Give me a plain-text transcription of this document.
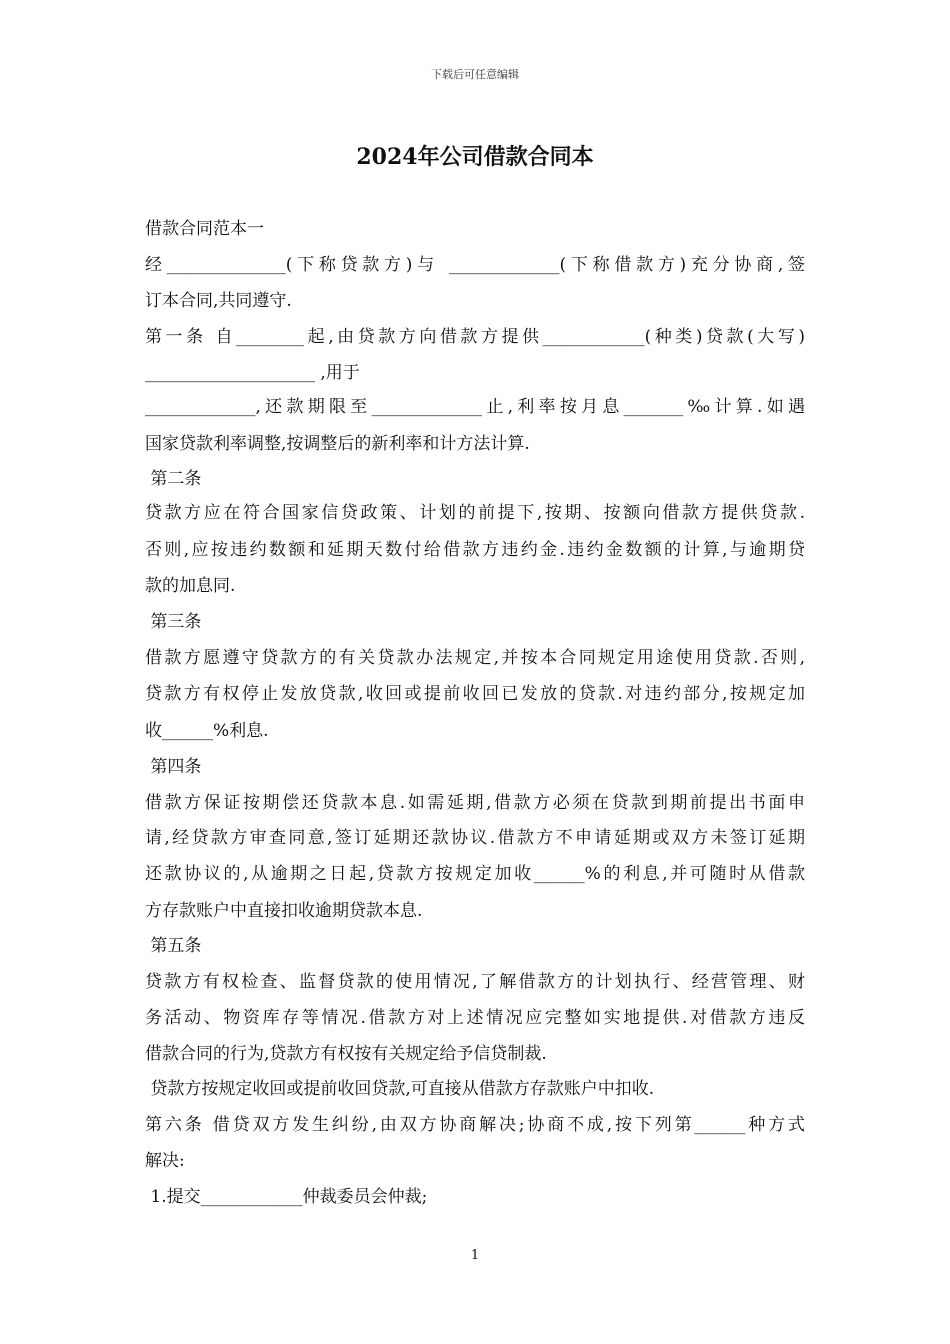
下载后可任意编辑
2024年公司借款合同本
借款合同范本一
经______________(下称贷款方)与 _____________(下称借款方)充分协商,签
订本合同,共同遵守.
第一条 自________起,由贷款方向借款方提供____________(种类)贷款(大写)
____________________ ,用于
_____________,还款期限至_____________止,利率按月息_______‰计算.如遇
国家贷款利率调整,按调整后的新利率和计方法计算.
第二条
贷款方应在符合国家信贷政策、计划的前提下,按期、按额向借款方提供贷款.
否则,应按违约数额和延期天数付给借款方违约金.违约金数额的计算,与逾期贷
款的加息同.
第三条
借款方愿遵守贷款方的有关贷款办法规定,并按本合同规定用途使用贷款.否则,
贷款方有权停止发放贷款,收回或提前收回已发放的贷款.对违约部分,按规定加
收______%利息.
第四条
借款方保证按期偿还贷款本息.如需延期,借款方必须在贷款到期前提出书面申
请,经贷款方审查同意,签订延期还款协议.借款方不申请延期或双方未签订延期
还款协议的,从逾期之日起,贷款方按规定加收______%的利息,并可随时从借款
方存款账户中直接扣收逾期贷款本息.
第五条
贷款方有权检查、监督贷款的使用情况,了解借款方的计划执行、经营管理、财
务活动、物资库存等情况.借款方对上述情况应完整如实地提供.对借款方违反
借款合同的行为,贷款方有权按有关规定给予信贷制裁.
贷款方按规定收回或提前收回贷款,可直接从借款方存款账户中扣收.
第六条 借贷双方发生纠纷,由双方协商解决;协商不成,按下列第______种方式
解决:
1.提交____________仲裁委员会仲裁;
1
